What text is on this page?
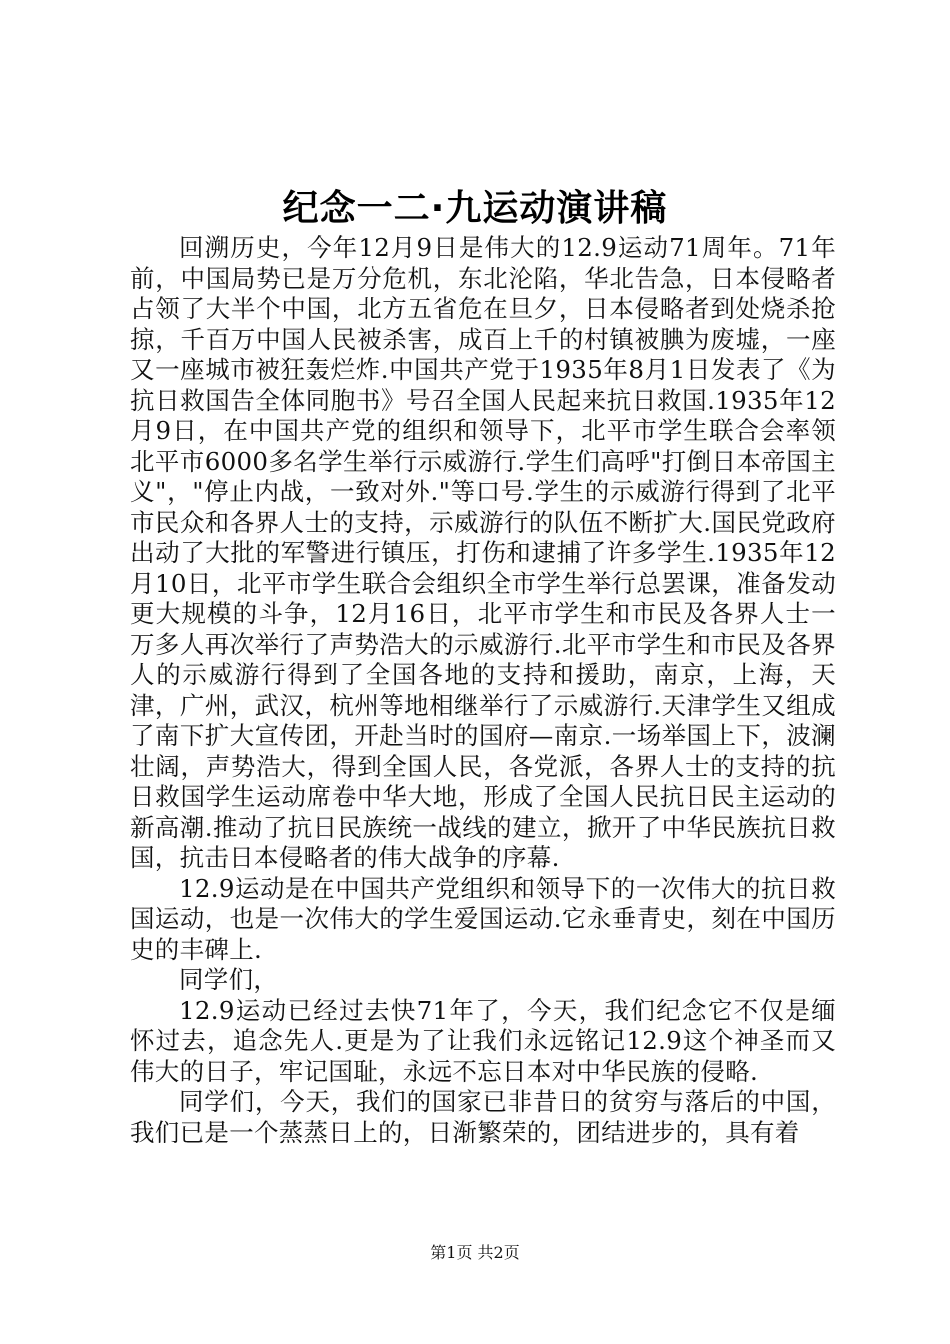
纪念一二·九运动演讲稿

回溯历史，今年12月9日是伟大的12.9运动71周年。71年前，中国局势已是万分危机，东北沦陷，华北告急，日本侵略者占领了大半个中国，北方五省危在旦夕，日本侵略者到处烧杀抢掠，千百万中国人民被杀害，成百上千的村镇被腆为废墟，一座又一座城市被狂轰烂炸.中国共产党于1935年8月1日发表了《为抗日救国告全体同胞书》号召全国人民起来抗日救国.1935年12月9日，在中国共产党的组织和领导下，北平市学生联合会率领北平市6000多名学生举行示威游行.学生们高呼"打倒日本帝国主义"，"停止内战，一致对外."等口号.学生的示威游行得到了北平市民众和各界人士的支持，示威游行的队伍不断扩大.国民党政府出动了大批的军警进行镇压，打伤和逮捕了许多学生.1935年12月10日，北平市学生联合会组织全市学生举行总罢课，准备发动更大规模的斗争，12月16日，北平市学生和市民及各界人士一万多人再次举行了声势浩大的示威游行.北平市学生和市民及各界人的示威游行得到了全国各地的支持和援助，南京，上海，天津，广州，武汉，杭州等地相继举行了示威游行.天津学生又组成了南下扩大宣传团，开赴当时的国府—南京.一场举国上下，波澜壮阔，声势浩大，得到全国人民，各党派，各界人士的支持的抗日救国学生运动席卷中华大地，形成了全国人民抗日民主运动的新高潮.推动了抗日民族统一战线的建立，掀开了中华民族抗日救国，抗击日本侵略者的伟大战争的序幕.

12.9运动是在中国共产党组织和领导下的一次伟大的抗日救国运动，也是一次伟大的学生爱国运动.它永垂青史，刻在中国历史的丰碑上.

同学们，

12.9运动已经过去快71年了，今天，我们纪念它不仅是缅怀过去，追念先人.更是为了让我们永远铭记12.9这个神圣而又伟大的日子，牢记国耻，永远不忘日本对中华民族的侵略.

同学们，今天，我们的国家已非昔日的贫穷与落后的中国，我们已是一个蒸蒸日上的，日渐繁荣的，团结进步的，具有着

第1页 共2页
